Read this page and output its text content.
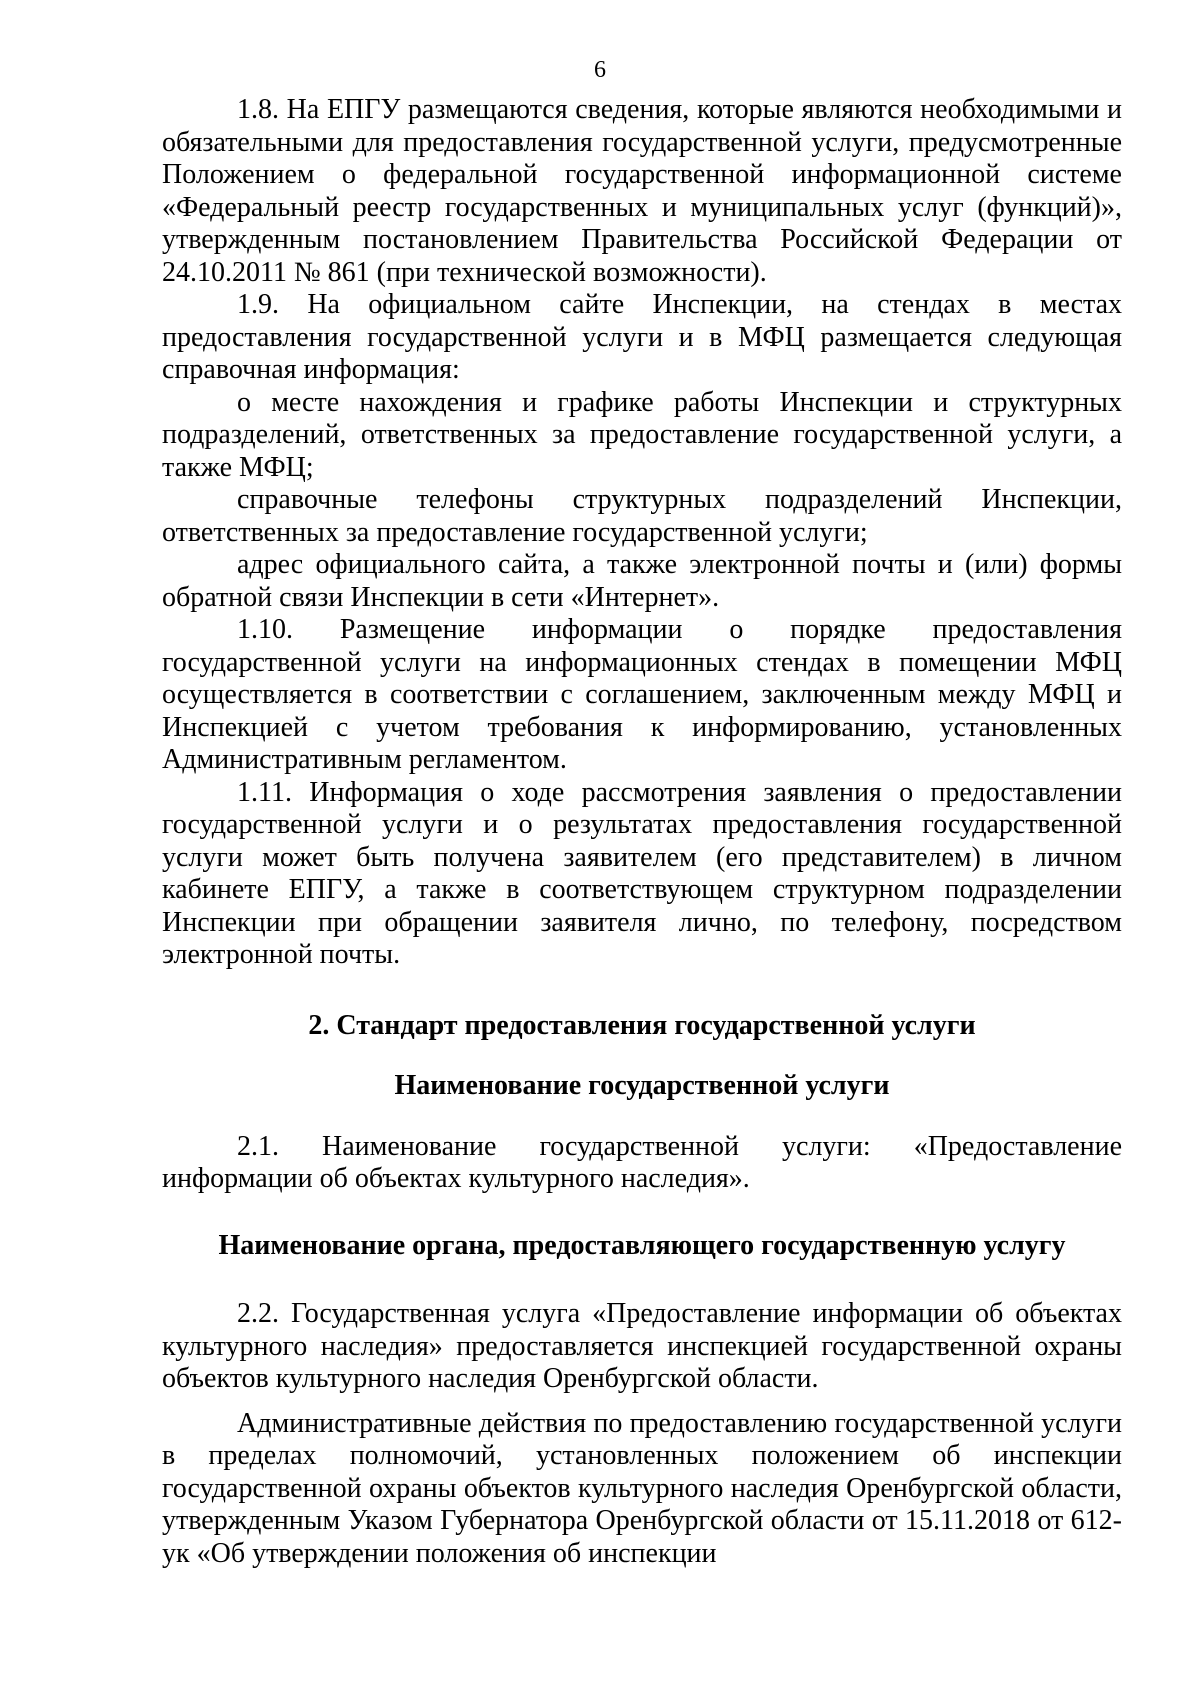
6

1.8. На ЕПГУ размещаются сведения, которые являются необходимыми и обязательными для предоставления государственной услуги, предусмотренные Положением о федеральной государственной информационной системе «Федеральный реестр государственных и муниципальных услуг (функций)», утвержденным постановлением Правительства Российской Федерации от 24.10.2011 № 861 (при технической возможности).

1.9. На официальном сайте Инспекции, на стендах в местах предоставления государственной услуги и в МФЦ размещается следующая справочная информация:

о месте нахождения и графике работы Инспекции и структурных подразделений, ответственных за предоставление государственной услуги, а также МФЦ;

справочные телефоны структурных подразделений Инспекции, ответственных за предоставление государственной услуги;

адрес официального сайта, а также электронной почты и (или) формы обратной связи Инспекции в сети «Интернет».

1.10. Размещение информации о порядке предоставления государственной услуги на информационных стендах в помещении МФЦ осуществляется в соответствии с соглашением, заключенным между МФЦ и Инспекцией с учетом требования к информированию, установленных Административным регламентом.

1.11. Информация о ходе рассмотрения заявления о предоставлении государственной услуги и о результатах предоставления государственной услуги может быть получена заявителем (его представителем) в личном кабинете ЕПГУ, а также в соответствующем структурном подразделении Инспекции при обращении заявителя лично, по телефону, посредством электронной почты.

2. Стандарт предоставления государственной услуги
Наименование государственной услуги

2.1. Наименование государственной услуги: «Предоставление информации об объектах культурного наследия».

Наименование органа, предоставляющего государственную услугу

2.2. Государственная услуга «Предоставление информации об объектах культурного наследия» предоставляется инспекцией государственной охраны объектов культурного наследия Оренбургской области.

Административные действия по предоставлению государственной услуги в пределах полномочий, установленных положением об инспекции государственной охраны объектов культурного наследия Оренбургской области, утвержденным Указом Губернатора Оренбургской области от 15.11.2018 от 612-ук «Об утверждении положения об инспекции
